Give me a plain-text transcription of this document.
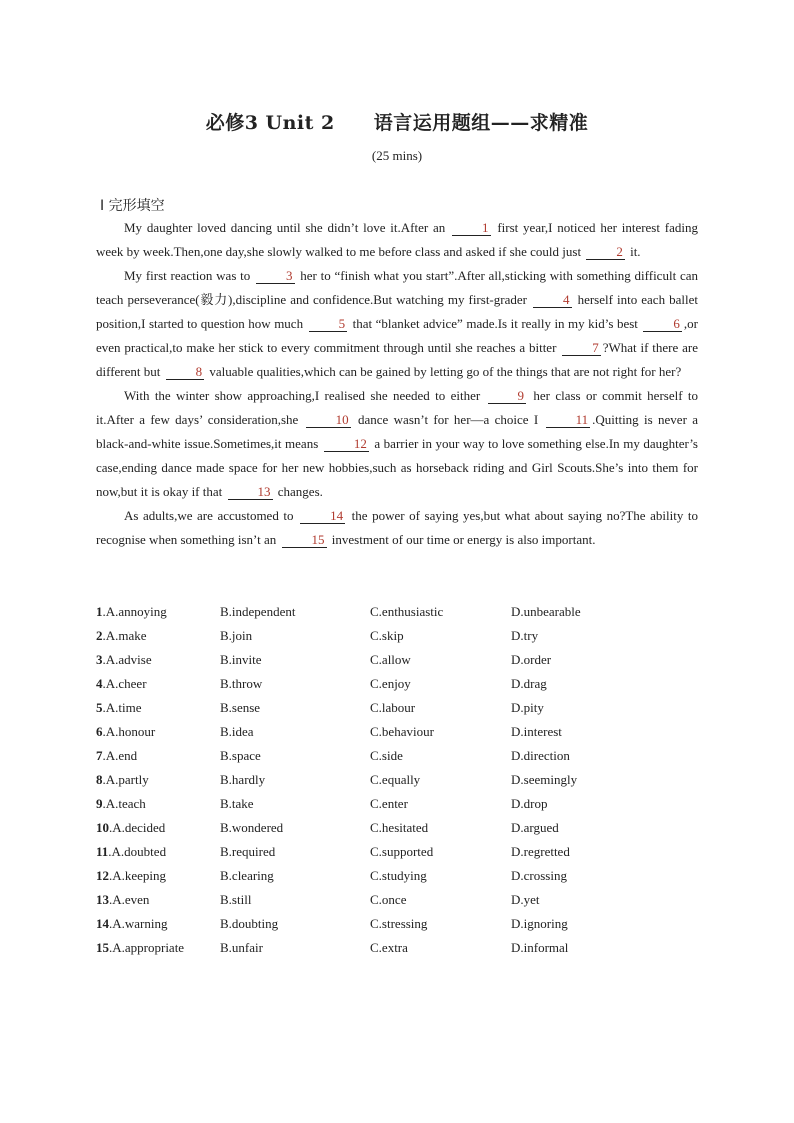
必修3 Unit 2　　语言运用题组——求精准
(25 mins)
Ⅰ 完形填空

My daughter loved dancing until she didn’t love it.After an 1 first year,I noticed her interest fading week by week.Then,one day,she slowly walked to me before class and asked if she could just 2 it.

My first reaction was to 3 her to “finish what you start”.After all,sticking with something difficult can teach perseverance(毅力),discipline and confidence.But watching my first-grader 4 herself into each ballet position,I started to question how much 5 that “blanket advice” made.Is it really in my kid’s best 6 ,or even practical,to make her stick to every commitment through until she reaches a bitter 7 ?What if there are different but 8 valuable qualities,which can be gained by letting go of the things that are not right for her?

With the winter show approaching,I realised she needed to either 9 her class or commit herself to it.After a few days’ consideration,she 10 dance wasn’t for her—a choice I 11 .Quitting is never a black-and-white issue.Sometimes,it means 12 a barrier in your way to love something else.In my daughter’s case,ending dance made space for her new hobbies,such as horseback riding and Girl Scouts.She’s into them for now,but it is okay if that 13 changes.

As adults,we are accustomed to 14 the power of saying yes,but what about saying no?The ability to recognise when something isn’t an 15 investment of our time or energy is also important.

1.A.annoying	B.independent	C.enthusiastic	D.unbearable
2.A.make	B.join	C.skip	D.try
3.A.advise	B.invite	C.allow	D.order
4.A.cheer	B.throw	C.enjoy	D.drag
5.A.time	B.sense	C.labour	D.pity
6.A.honour	B.idea	C.behaviour	D.interest
7.A.end	B.space	C.side	D.direction
8.A.partly	B.hardly	C.equally	D.seemingly
9.A.teach	B.take	C.enter	D.drop
10.A.decided	B.wondered	C.hesitated	D.argued
11.A.doubted	B.required	C.supported	D.regretted
12.A.keeping	B.clearing	C.studying	D.crossing
13.A.even	B.still	C.once	D.yet
14.A.warning	B.doubting	C.stressing	D.ignoring
15.A.appropriate	B.unfair	C.extra	D.informal
